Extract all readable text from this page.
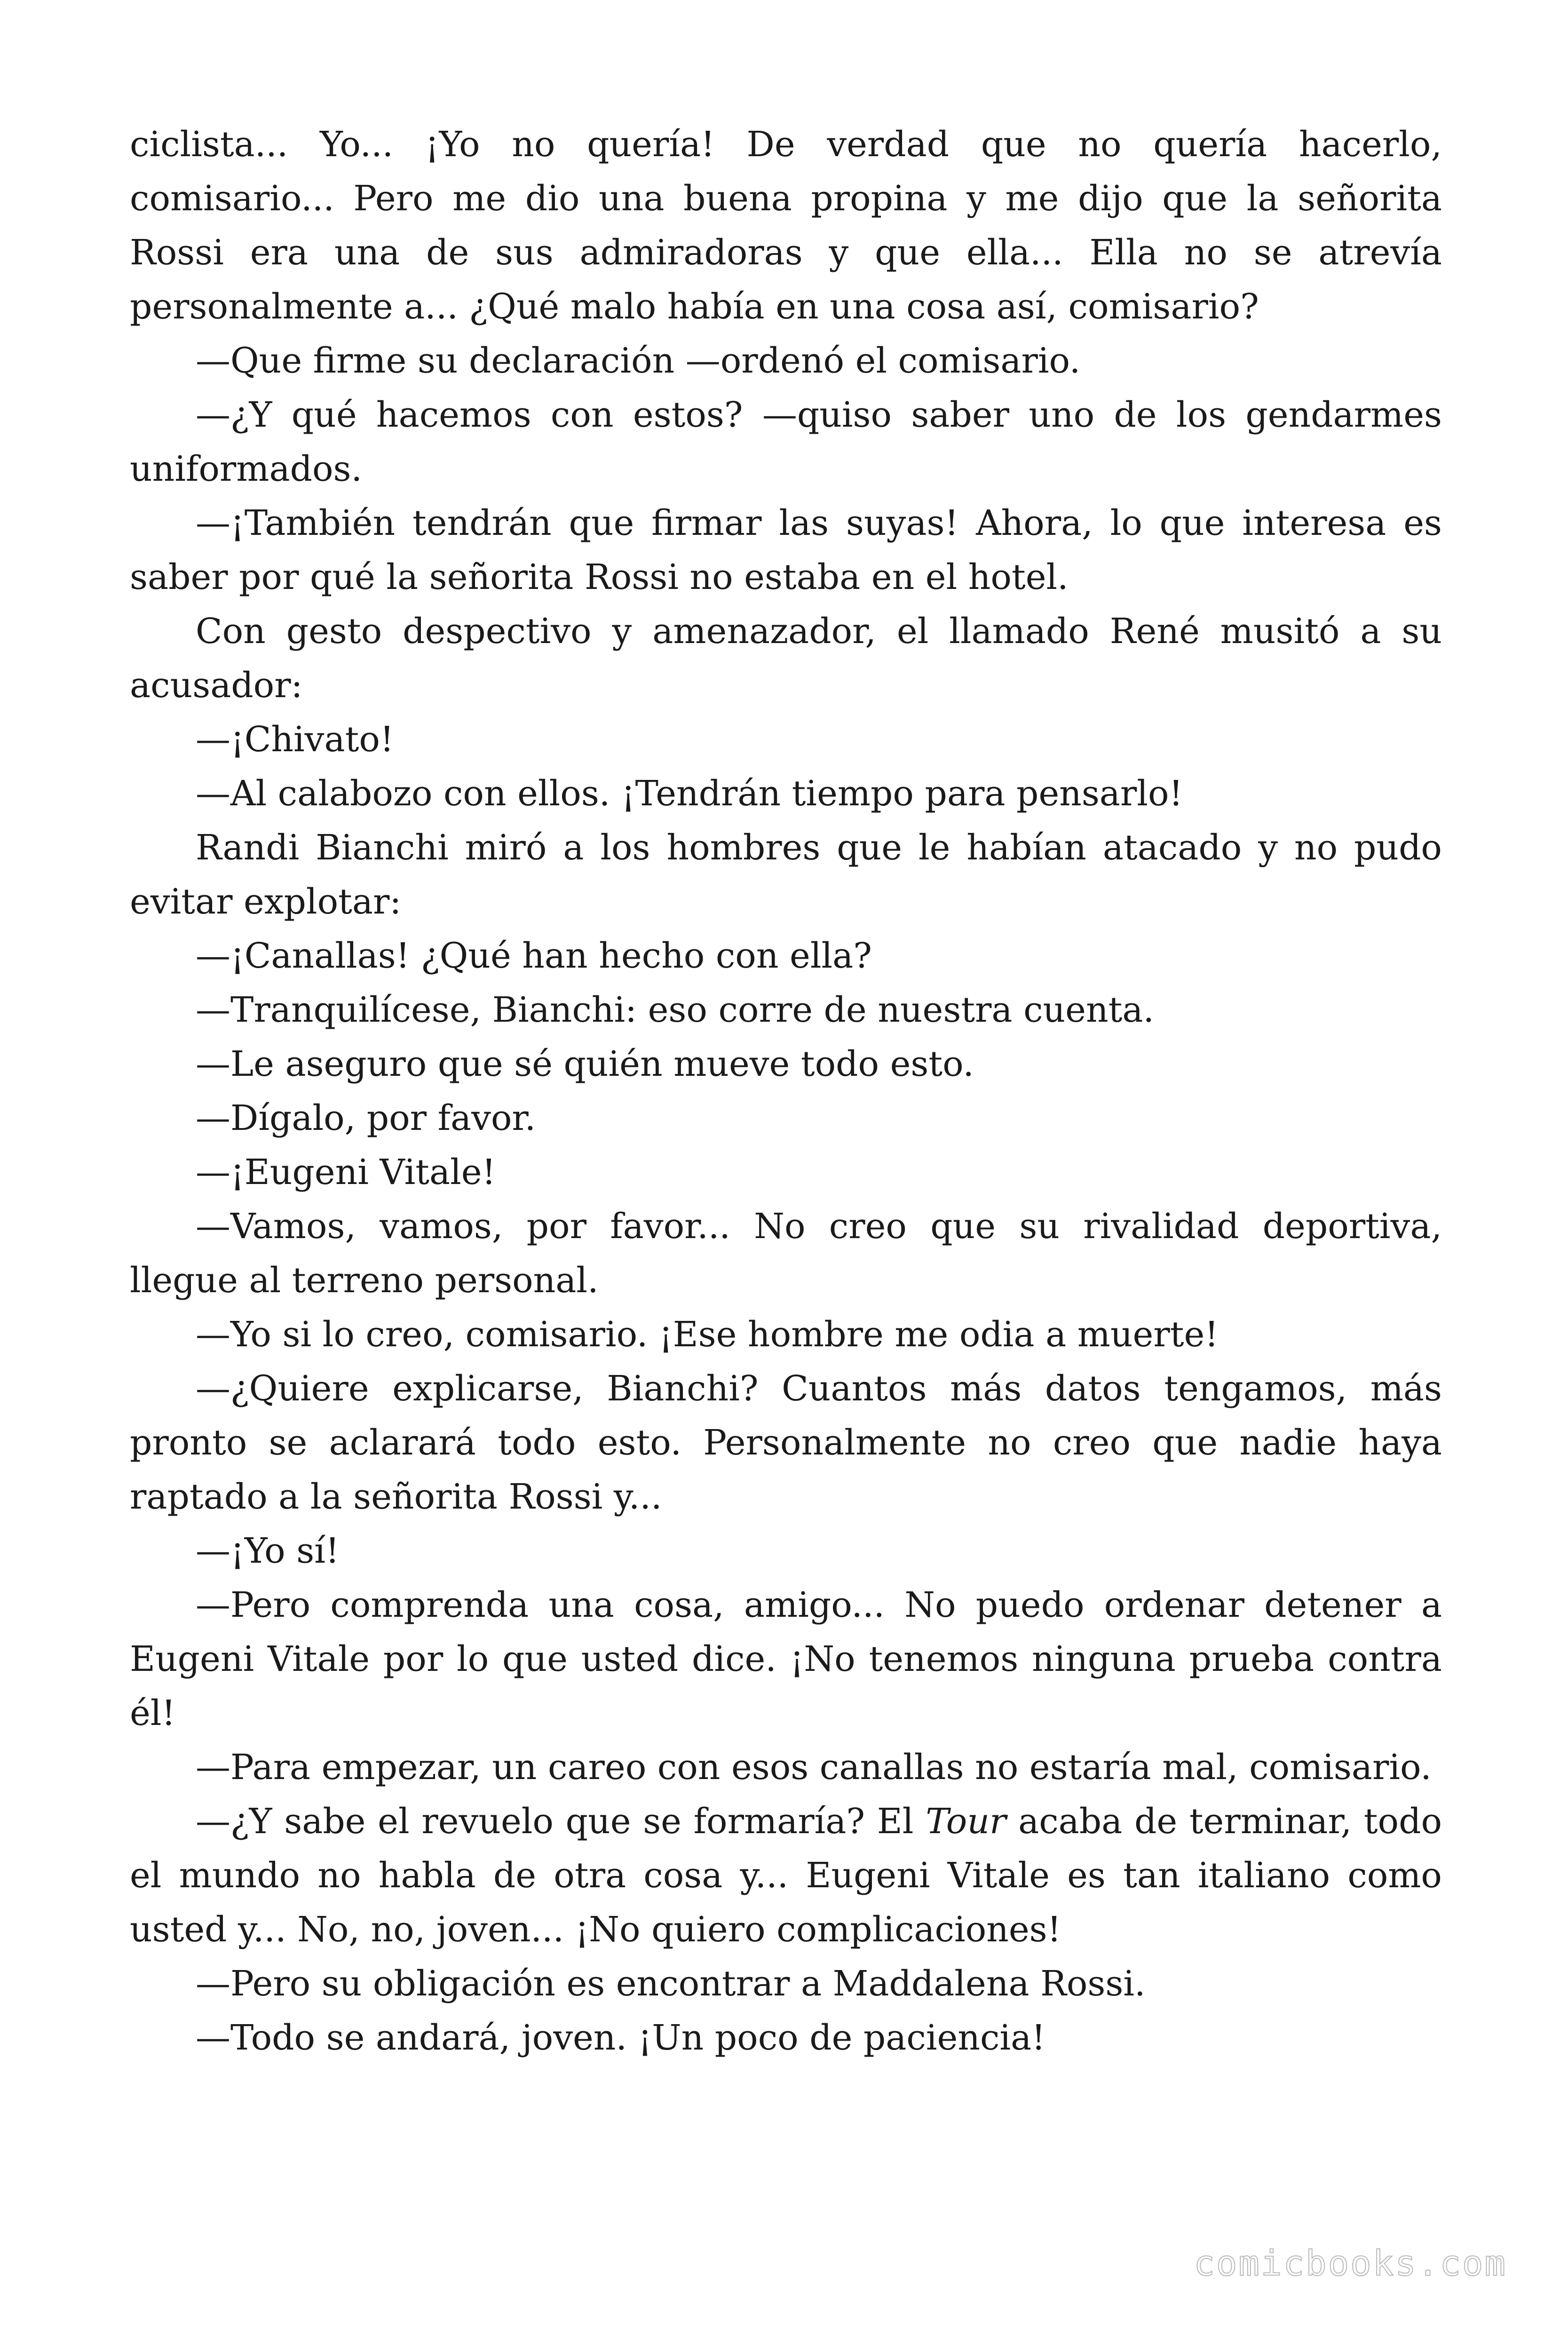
ciclista... Yo... ¡Yo no quería! De verdad que no quería hacerlo, comisario... Pero me dio una buena propina y me dijo que la señorita Rossi era una de sus admiradoras y que ella... Ella no se atrevía personalmente a... ¿Qué malo había en una cosa así, comisario?

—Que firme su declaración —ordenó el comisario.

—¿Y qué hacemos con estos? —quiso saber uno de los gendarmes uniformados.

—¡También tendrán que firmar las suyas! Ahora, lo que interesa es saber por qué la señorita Rossi no estaba en el hotel.

Con gesto despectivo y amenazador, el llamado René musitó a su acusador:

—¡Chivato!

—Al calabozo con ellos. ¡Tendrán tiempo para pensarlo!

Randi Bianchi miró a los hombres que le habían atacado y no pudo evitar explotar:

—¡Canallas! ¿Qué han hecho con ella?

—Tranquilícese, Bianchi: eso corre de nuestra cuenta.

—Le aseguro que sé quién mueve todo esto.

—Dígalo, por favor.

—¡Eugeni Vitale!

—Vamos, vamos, por favor... No creo que su rivalidad deportiva, llegue al terreno personal.

—Yo si lo creo, comisario. ¡Ese hombre me odia a muerte!

—¿Quiere explicarse, Bianchi? Cuantos más datos tengamos, más pronto se aclarará todo esto. Personalmente no creo que nadie haya raptado a la señorita Rossi y...

—¡Yo sí!

—Pero comprenda una cosa, amigo... No puedo ordenar detener a Eugeni Vitale por lo que usted dice. ¡No tenemos ninguna prueba contra él!

—Para empezar, un careo con esos canallas no estaría mal, comisario.

—¿Y sabe el revuelo que se formaría? El Tour acaba de terminar, todo el mundo no habla de otra cosa y... Eugeni Vitale es tan italiano como usted y... No, no, joven... ¡No quiero complicaciones!

—Pero su obligación es encontrar a Maddalena Rossi.

—Todo se andará, joven. ¡Un poco de paciencia!

comicbooks.com
